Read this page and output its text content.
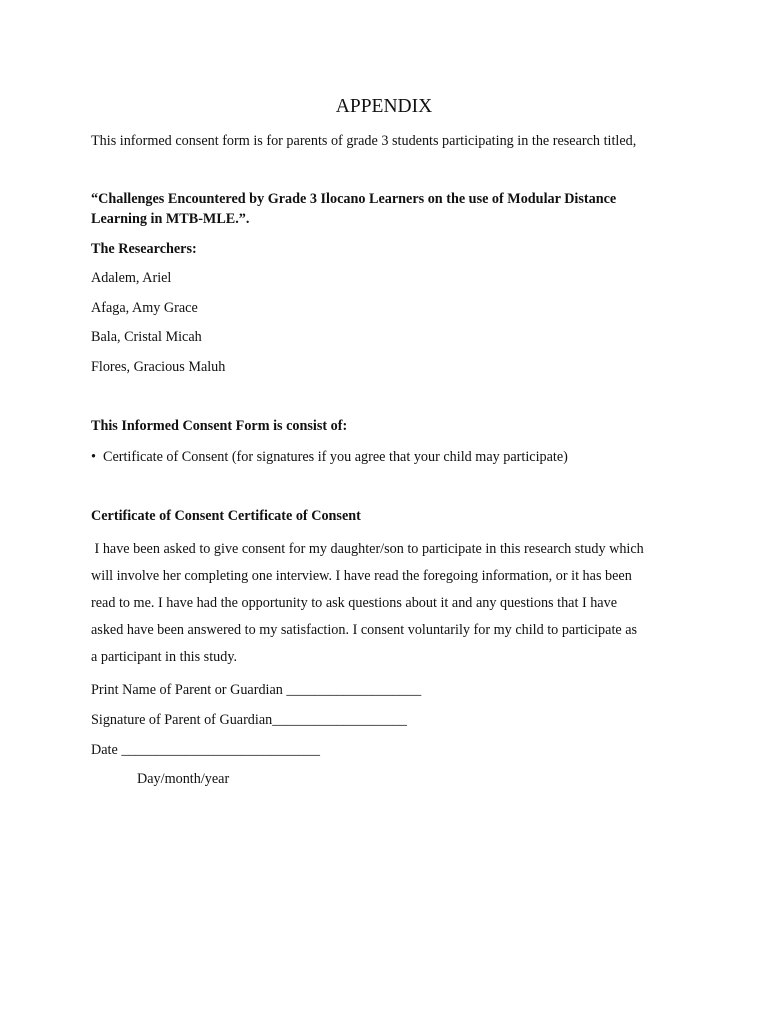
APPENDIX
This informed consent form is for parents of grade 3 students participating in the research titled,
“Challenges Encountered by Grade 3 Ilocano Learners on the use of Modular Distance
Learning in MTB-MLE.”.
The Researchers:
Adalem, Ariel
Afaga, Amy Grace
Bala, Cristal Micah
Flores, Gracious Maluh
This Informed Consent Form is consist of:
• Certificate of Consent (for signatures if you agree that your child may participate)
Certificate of Consent Certificate of Consent
I have been asked to give consent for my daughter/son to participate in this research study which
will involve her completing one interview. I have read the foregoing information, or it has been
read to me. I have had the opportunity to ask questions about it and any questions that I have
asked have been answered to my satisfaction. I consent voluntarily for my child to participate as
a participant in this study.
Print Name of Parent or Guardian ___________________
Signature of Parent of Guardian___________________
Date ____________________________
Day/month/year
